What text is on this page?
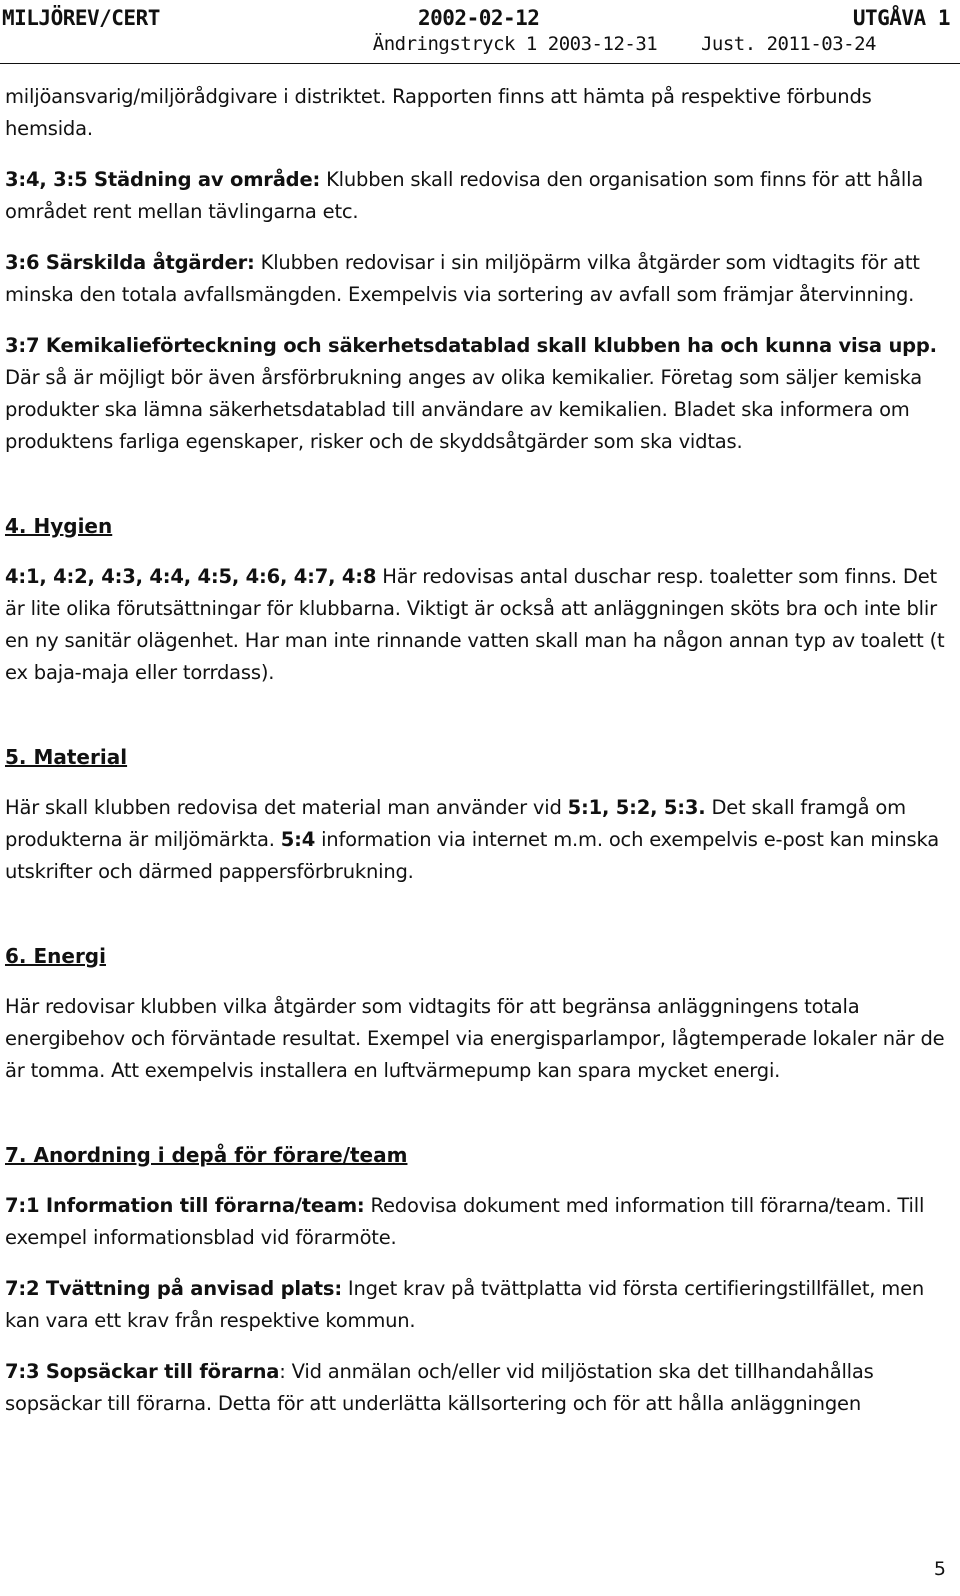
MILJÖREV/CERT	2002-02-12	UTGÅVA 1
Ändringstryck 1 2003-12-31 Just. 2011-03-24

miljöansvarig/miljörådgivare i distriktet. Rapporten finns att hämta på respektive förbunds hemsida.

3:4, 3:5 Städning av område: Klubben skall redovisa den organisation som finns för att hålla området rent mellan tävlingarna etc.

3:6 Särskilda åtgärder: Klubben redovisar i sin miljöpärm vilka åtgärder som vidtagits för att minska den totala avfallsmängden. Exempelvis via sortering av avfall som främjar återvinning.

3:7 Kemikalieförteckning och säkerhetsdatablad skall klubben ha och kunna visa upp. Där så är möjligt bör även årsförbrukning anges av olika kemikalier. Företag som säljer kemiska produkter ska lämna säkerhetsdatablad till användare av kemikalien. Bladet ska informera om produktens farliga egenskaper, risker och de skyddsåtgärder som ska vidtas.

4. Hygien

4:1, 4:2, 4:3, 4:4, 4:5, 4:6, 4:7, 4:8 Här redovisas antal duschar resp. toaletter som finns. Det är lite olika förutsättningar för klubbarna. Viktigt är också att anläggningen sköts bra och inte blir en ny sanitär olägenhet. Har man inte rinnande vatten skall man ha någon annan typ av toalett (t ex baja-maja eller torrdass).

5. Material

Här skall klubben redovisa det material man använder vid 5:1, 5:2, 5:3. Det skall framgå om produkterna är miljömärkta. 5:4 information via internet m.m. och exempelvis e-post kan minska utskrifter och därmed pappersförbrukning.

6. Energi

Här redovisar klubben vilka åtgärder som vidtagits för att begränsa anläggningens totala energibehov och förväntade resultat. Exempel via energisparlampor, lågtemperade lokaler när de är tomma. Att exempelvis installera en luftvärmepump kan spara mycket energi.

7. Anordning i depå för förare/team

7:1 Information till förarna/team: Redovisa dokument med information till förarna/team. Till exempel informationsblad vid förarmöte.

7:2 Tvättning på anvisad plats: Inget krav på tvättplatta vid första certifieringstillfället, men kan vara ett krav från respektive kommun.

7:3 Sopsäckar till förarna: Vid anmälan och/eller vid miljöstation ska det tillhandahållas sopsäckar till förarna. Detta för att underlätta källsortering och för att hålla anläggningen

5
